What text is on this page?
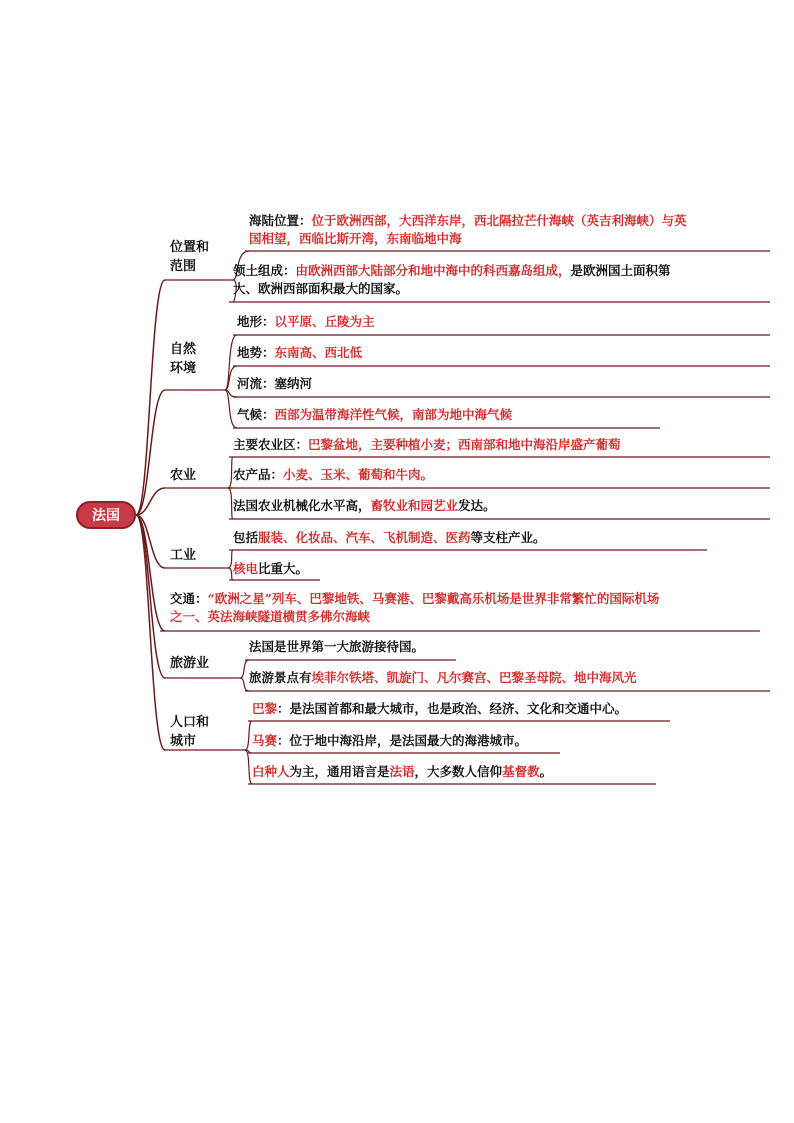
法国
位置和
范围
海陆位置：位于欧洲西部，大西洋东岸，西北隔拉芒什海峡（英吉利海峡）与英
国相望，西临比斯开湾，东南临地中海
领土组成：由欧洲西部大陆部分和地中海中的科西嘉岛组成，是欧洲国土面积第
大、欧洲西部面积最大的国家。
自然
环境
地形：以平原、丘陵为主
地势：东南高、西北低
河流：塞纳河
气候：西部为温带海洋性气候，南部为地中海气候
农业
主要农业区：巴黎盆地，主要种植小麦；西南部和地中海沿岸盛产葡萄
农产品：小麦、玉米、葡萄和牛肉。
法国农业机械化水平高，畜牧业和园艺业发达。
工业
包括服装、化妆品、汽车、飞机制造、医药等支柱产业。
核电比重大。
交通：“欧洲之星”列车、巴黎地铁、马赛港、巴黎戴高乐机场是世界非常繁忙的国际机场
之一、英法海峡隧道横贯多佛尔海峡
旅游业
法国是世界第一大旅游接待国。
旅游景点有埃菲尔铁塔、凯旋门、凡尔赛宫、巴黎圣母院、地中海风光
人口和
城市
巴黎：是法国首都和最大城市，也是政治、经济、文化和交通中心。
马赛：位于地中海沿岸，是法国最大的海港城市。
白种人为主，通用语言是法语，大多数人信仰基督教。
